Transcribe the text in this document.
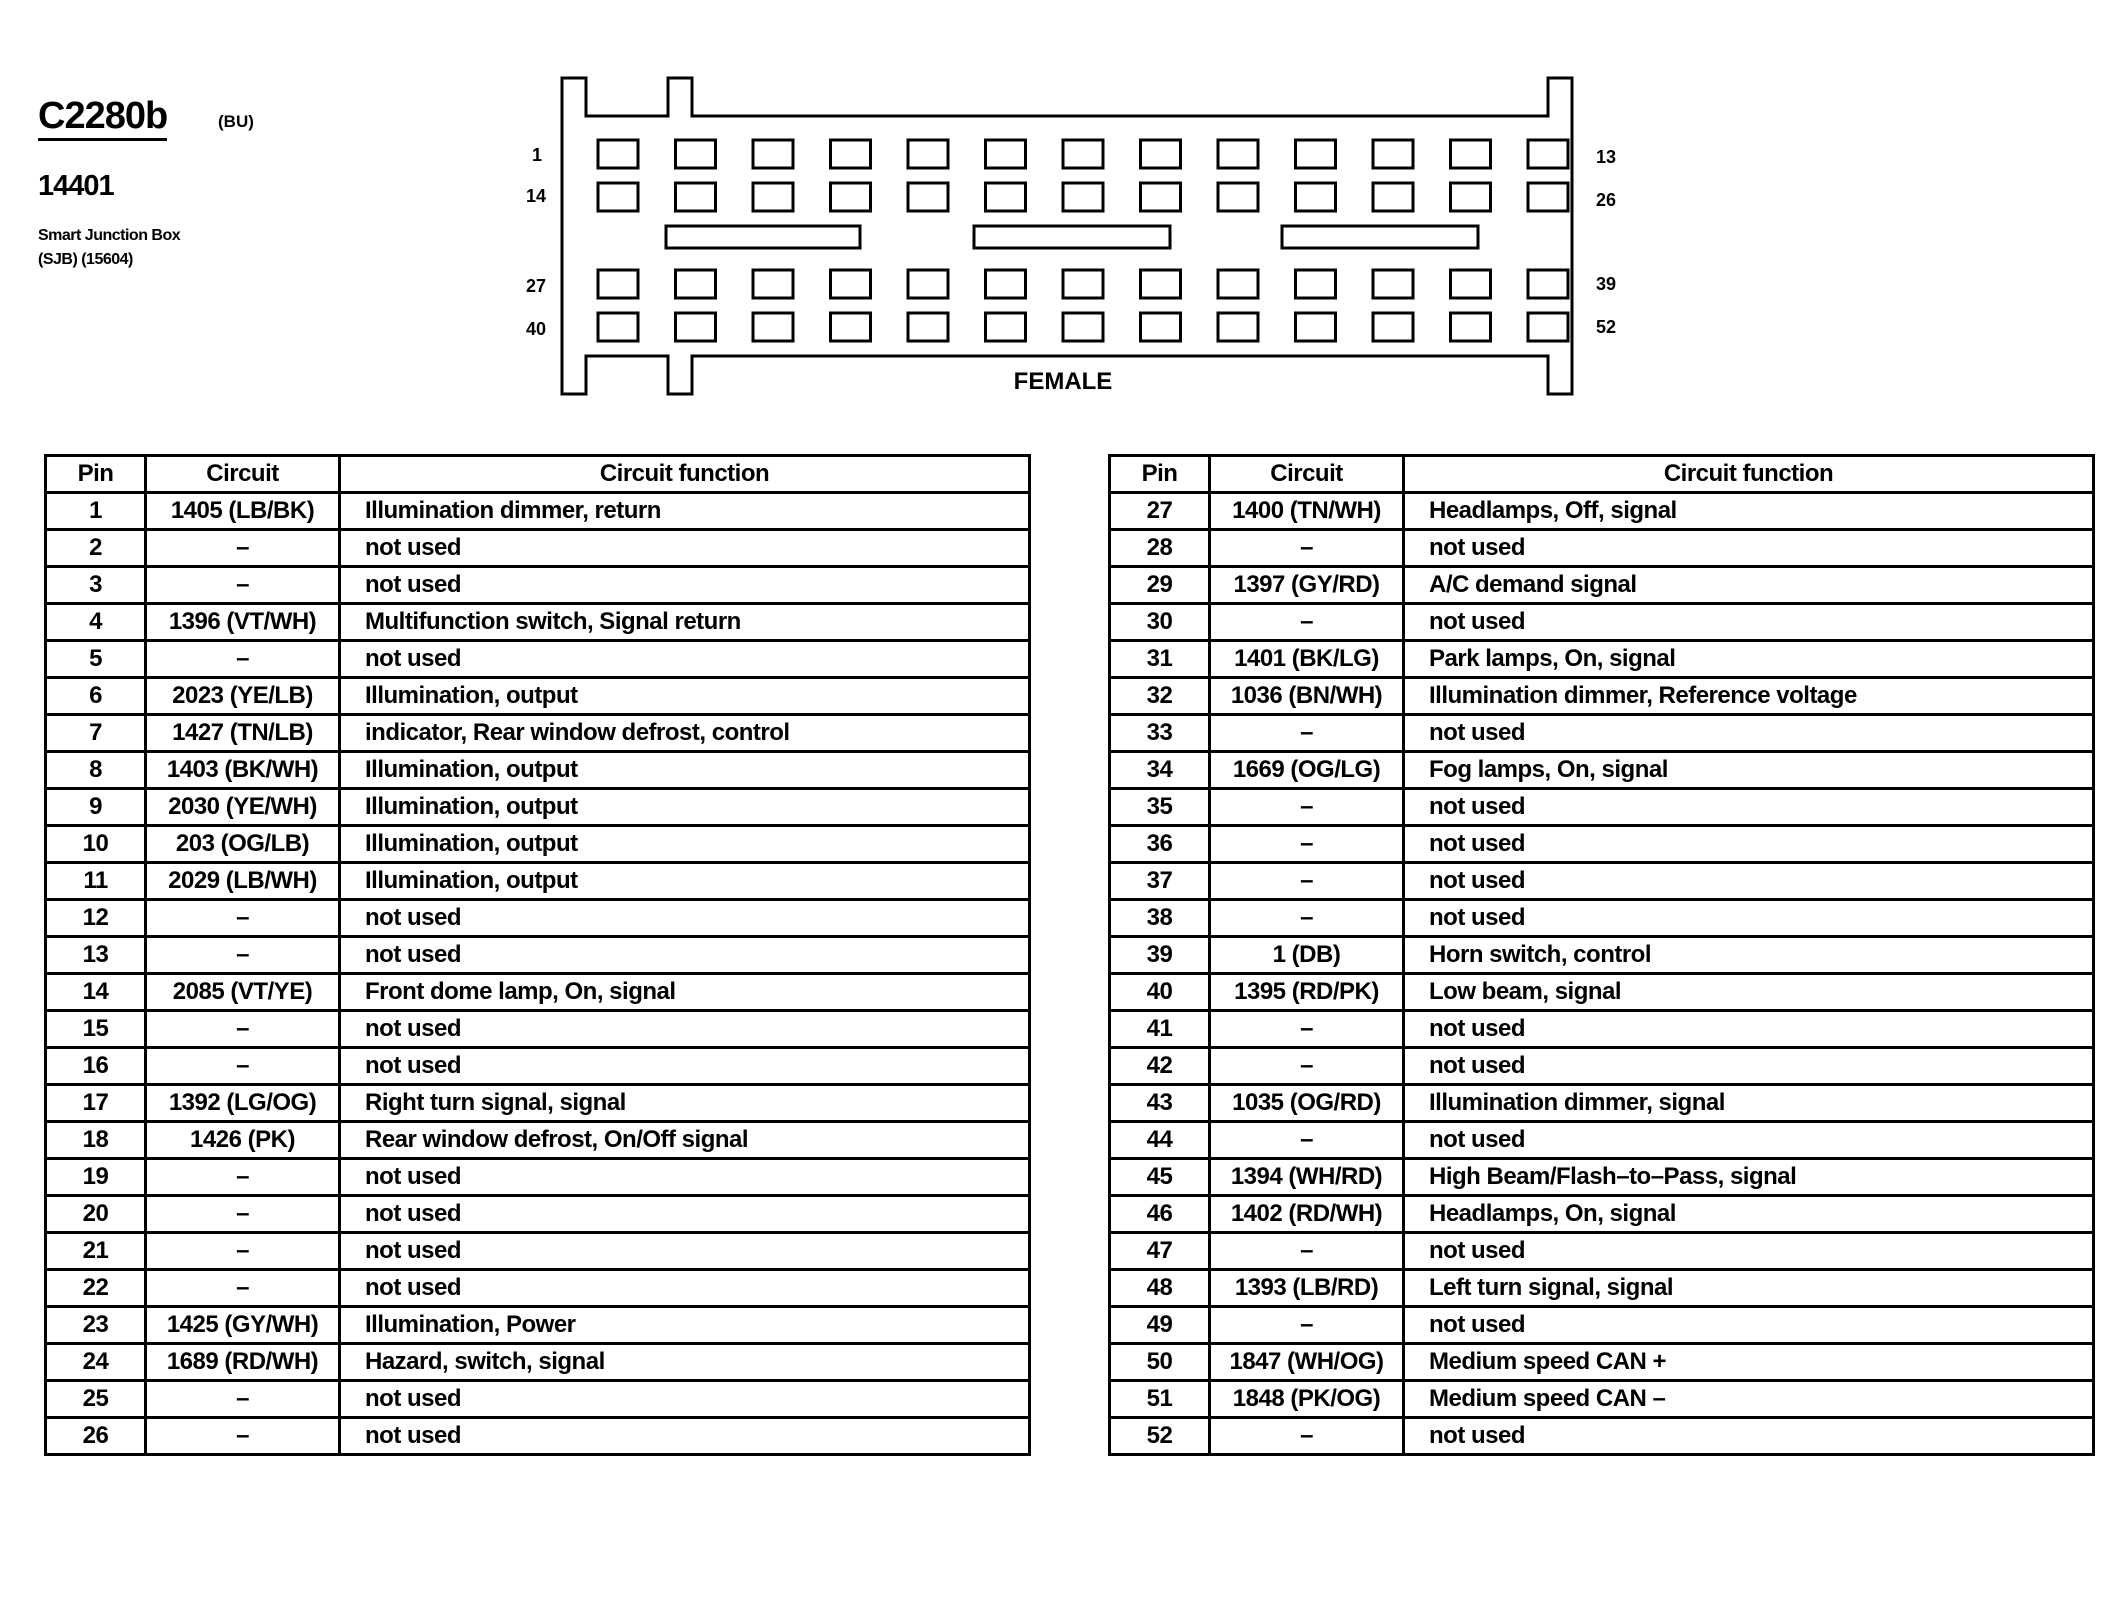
C2280b	(BU)
14401
Smart Junction Box
(SJB) (15604)
1
14
27
40
13
26
39
52
FEMALE
Pin	Circuit	Circuit function
1	1405 (LB/BK)	Illumination dimmer, return
2	–	not used
3	–	not used
4	1396 (VT/WH)	Multifunction switch, Signal return
5	–	not used
6	2023 (YE/LB)	Illumination, output
7	1427 (TN/LB)	indicator, Rear window defrost, control
8	1403 (BK/WH)	Illumination, output
9	2030 (YE/WH)	Illumination, output
10	203 (OG/LB)	Illumination, output
11	2029 (LB/WH)	Illumination, output
12	–	not used
13	–	not used
14	2085 (VT/YE)	Front dome lamp, On, signal
15	–	not used
16	–	not used
17	1392 (LG/OG)	Right turn signal, signal
18	1426 (PK)	Rear window defrost, On/Off signal
19	–	not used
20	–	not used
21	–	not used
22	–	not used
23	1425 (GY/WH)	Illumination, Power
24	1689 (RD/WH)	Hazard, switch, signal
25	–	not used
26	–	not used
Pin	Circuit	Circuit function
27	1400 (TN/WH)	Headlamps, Off, signal
28	–	not used
29	1397 (GY/RD)	A/C demand signal
30	–	not used
31	1401 (BK/LG)	Park lamps, On, signal
32	1036 (BN/WH)	Illumination dimmer, Reference voltage
33	–	not used
34	1669 (OG/LG)	Fog lamps, On, signal
35	–	not used
36	–	not used
37	–	not used
38	–	not used
39	1 (DB)	Horn switch, control
40	1395 (RD/PK)	Low beam, signal
41	–	not used
42	–	not used
43	1035 (OG/RD)	Illumination dimmer, signal
44	–	not used
45	1394 (WH/RD)	High Beam/Flash–to–Pass, signal
46	1402 (RD/WH)	Headlamps, On, signal
47	–	not used
48	1393 (LB/RD)	Left turn signal, signal
49	–	not used
50	1847 (WH/OG)	Medium speed CAN +
51	1848 (PK/OG)	Medium speed CAN –
52	–	not used
